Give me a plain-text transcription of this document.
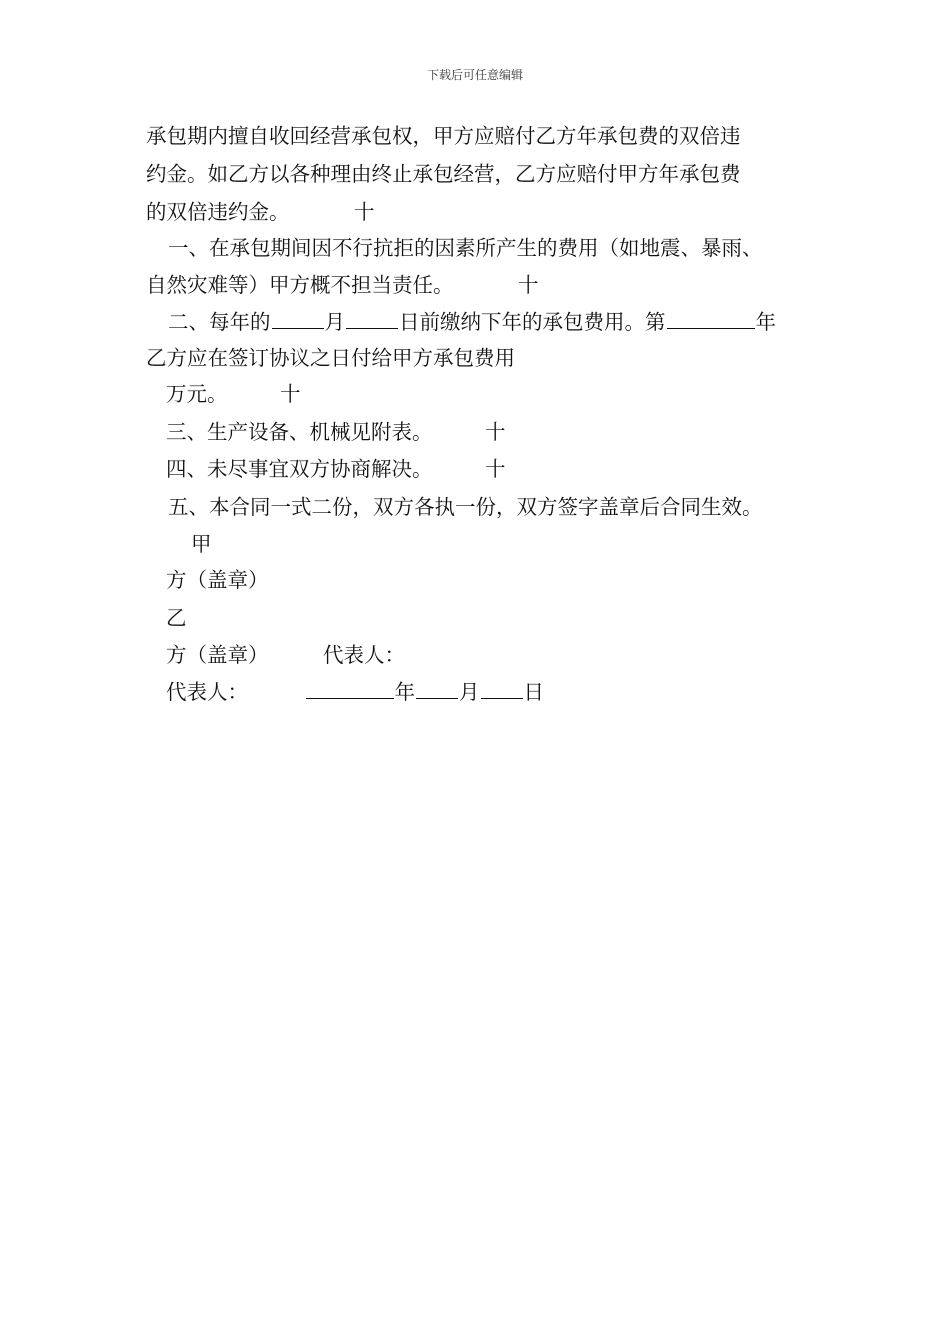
下载后可任意编辑
承包期内擅自收回经营承包权，甲方应赔付乙方年承包费的双倍违
约金。如乙方以各种理由终止承包经营，乙方应赔付甲方年承包费
的双倍违约金。	十
一、在承包期间因不行抗拒的因素所产生的费用（如地震、暴雨、
自然灾难等）甲方概不担当责任。	十
二、每年的	月	日前缴纳下年的承包费用。第	年
乙方应在签订协议之日付给甲方承包费用
万元。	十
三、生产设备、机械见附表。	十
四、未尽事宜双方协商解决。	十
五、本合同一式二份，双方各执一份，双方签字盖章后合同生效。
甲
方（盖章）
乙
方（盖章）	代表人：
代表人：	年 月 日
